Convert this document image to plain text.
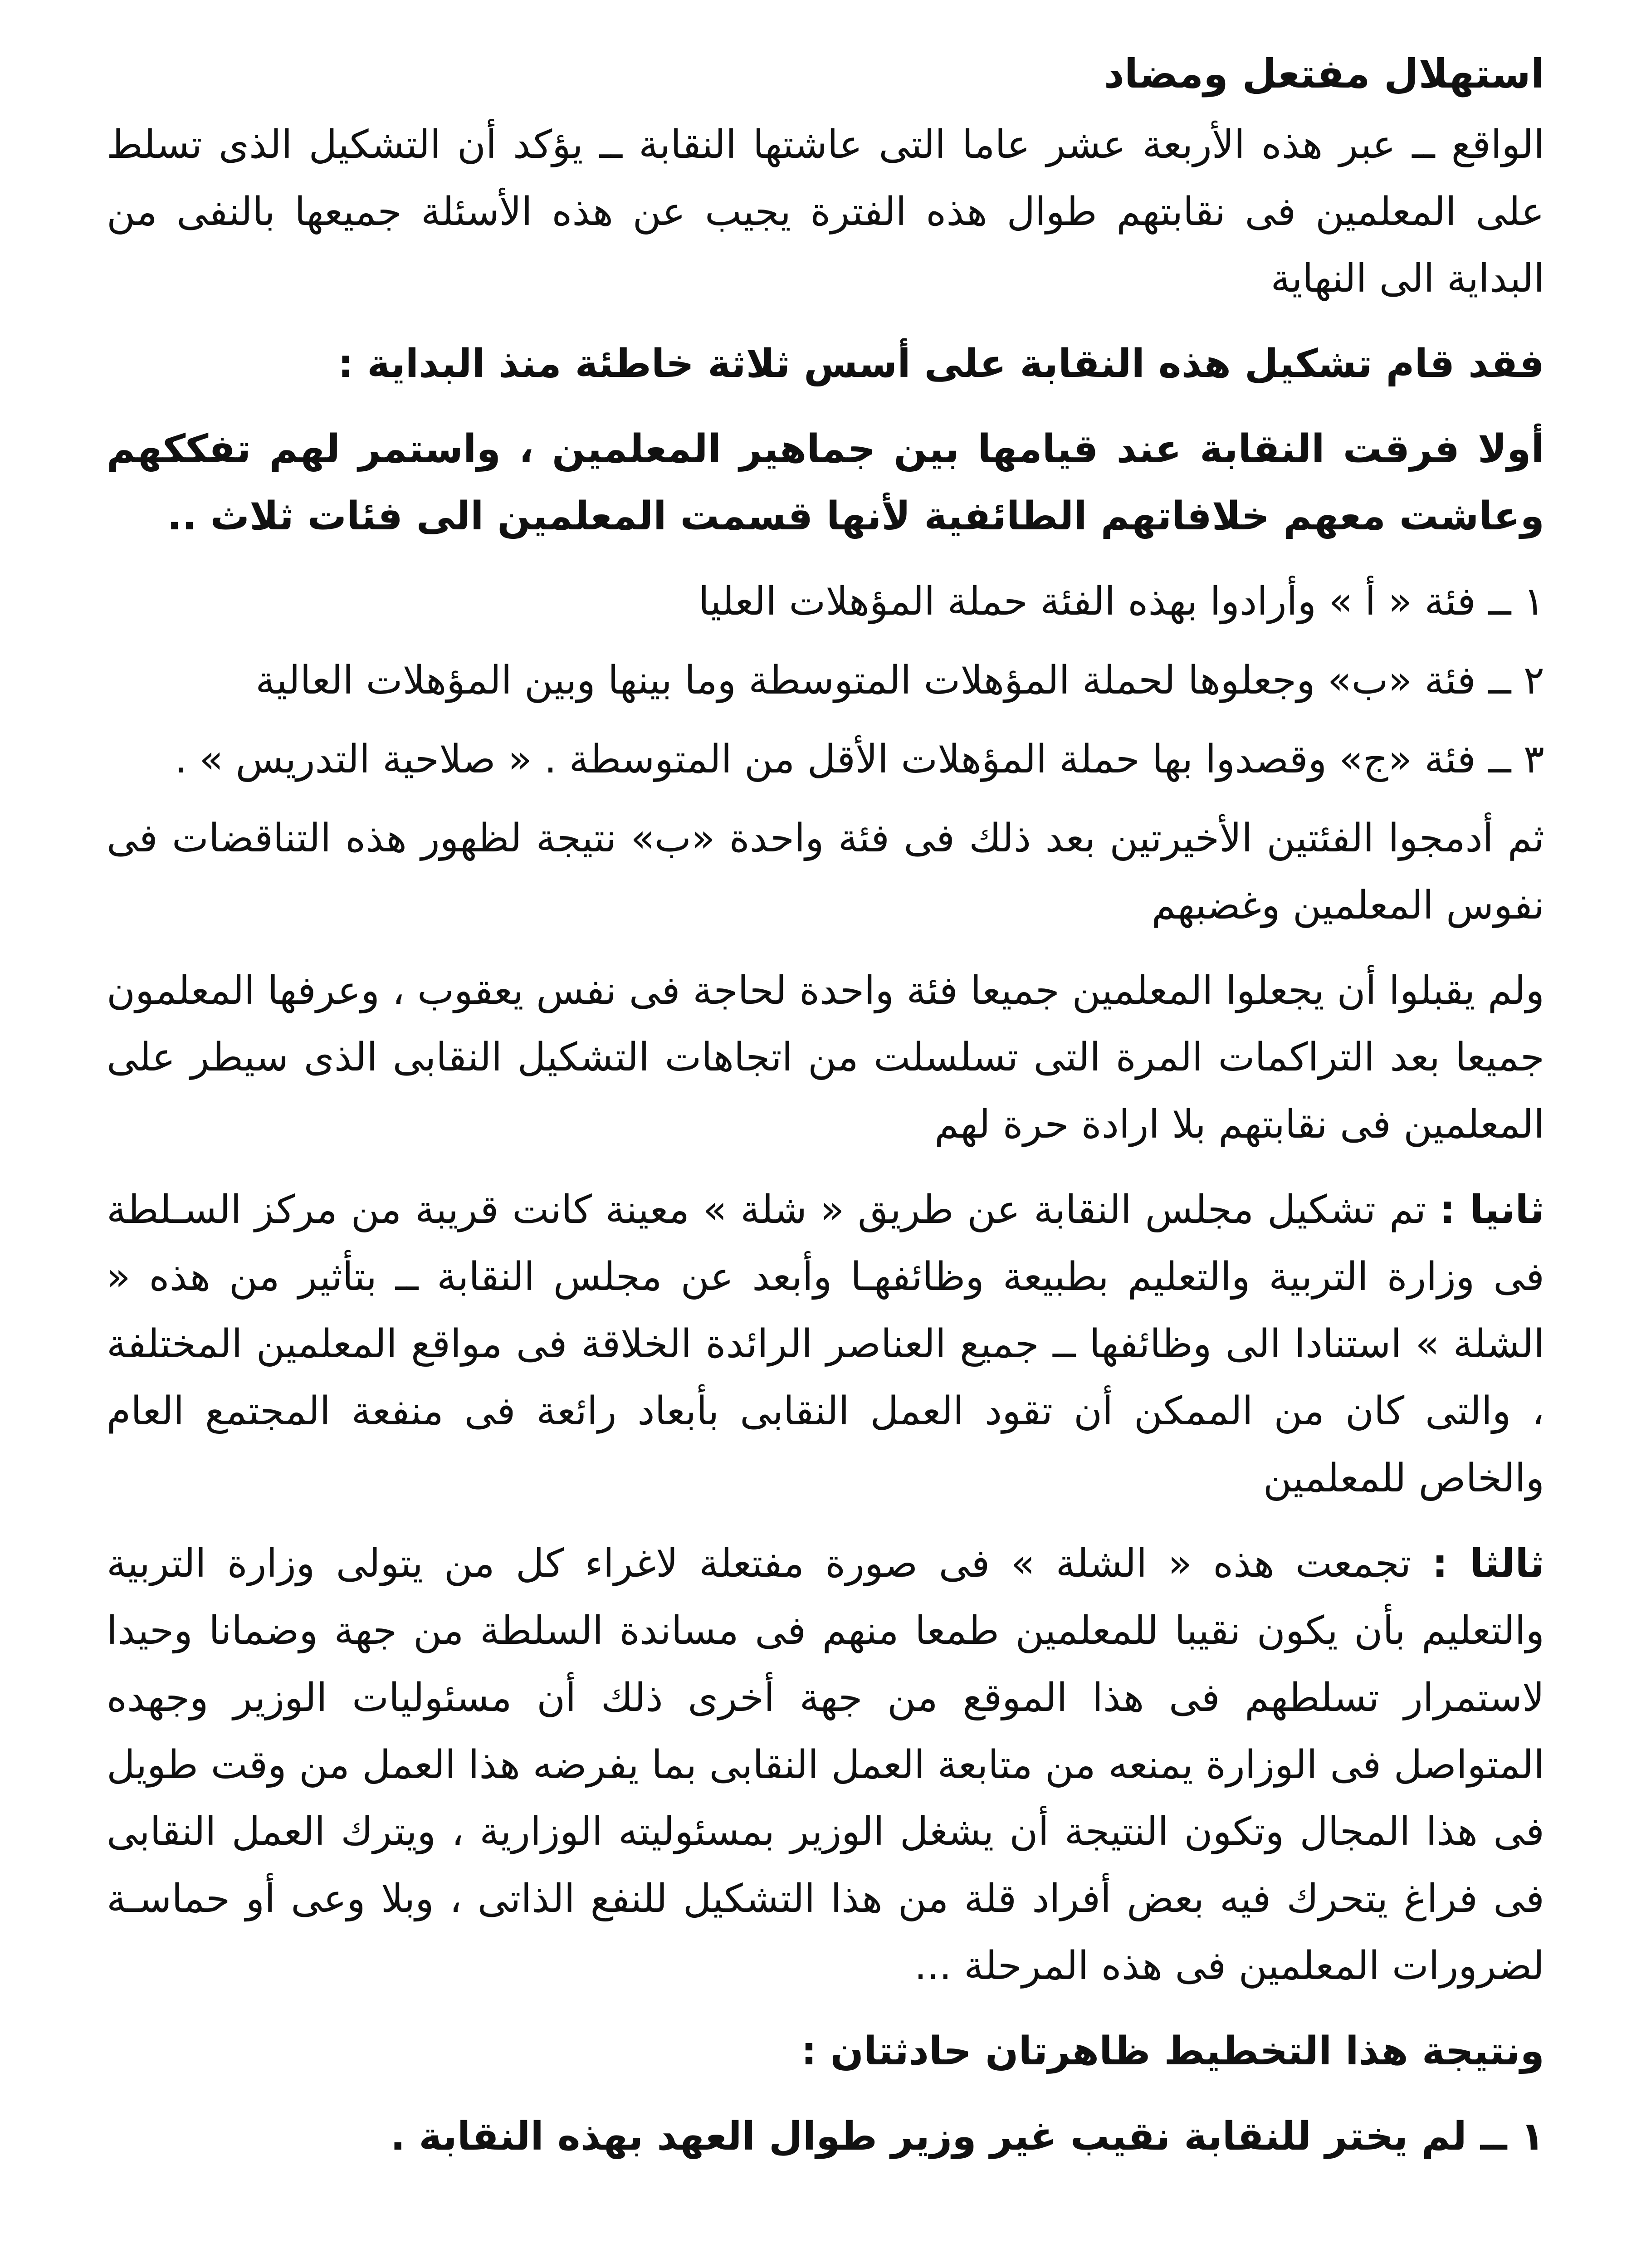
استهلال مفتعل ومضاد
الواقع ــ عبر هذه الأربعة عشر عاما التى عاشتها النقابة ــ يؤكد أن التشكيل الذى تسلط على المعلمين فى نقابتهم طوال هذه الفترة يجيب عن هذه الأسئلة جميعها بالنفى من البداية الى النهاية
فقد قام تشكيل هذه النقابة على أسس ثلاثة خاطئة منذ البداية :
أولا فرقت النقابة عند قيامها بين جماهير المعلمين ، واستمر لهم تفككهم وعاشت معهم خلافاتهم الطائفية لأنها قسمت المعلمين الى فئات ثلاث ..
١ ــ فئة « أ » وأرادوا بهذه الفئة حملة المؤهلات العليا
٢ ــ فئة «ب» وجعلوها لحملة المؤهلات المتوسطة وما بينها وبين المؤهلات العالية
٣ ــ فئة «ج» وقصدوا بها حملة المؤهلات الأقل من المتوسطة . « صلاحية التدريس » .
ثم أدمجوا الفئتين الأخيرتين بعد ذلك فى فئة واحدة «ب» نتيجة لظهور هذه التناقضات فى نفوس المعلمين وغضبهم
ولم يقبلوا أن يجعلوا المعلمين جميعا فئة واحدة لحاجة فى نفس يعقوب ، وعرفها المعلمون جميعا بعد التراكمات المرة التى تسلسلت من اتجاهات التشكيل النقابى الذى سيطر على المعلمين فى نقابتهم بلا ارادة حرة لهم
ثانيا : تم تشكيل مجلس النقابة عن طريق « شلة » معينة كانت قريبة من مركز السـلطة فى وزارة التربية والتعليم بطبيعة وظائفهـا وأبعد عن مجلس النقابة ــ بتأثير من هذه « الشلة » استنادا الى وظائفها ــ جميع العناصر الرائدة الخلاقة فى مواقع المعلمين المختلفة ، والتى كان من الممكن أن تقود العمل النقابى بأبعاد رائعة فى منفعة المجتمع العام والخاص للمعلمين
ثالثا : تجمعت هذه « الشلة » فى صورة مفتعلة لاغراء كل من يتولى وزارة التربية والتعليم بأن يكون نقيبا للمعلمين طمعا منهم فى مساندة السلطة من جهة وضمانا وحيدا لاستمرار تسلطهم فى هذا الموقع من جهة أخرى ذلك أن مسئوليات الوزير وجهده المتواصل فى الوزارة يمنعه من متابعة العمل النقابى بما يفرضه هذا العمل من وقت طويل فى هذا المجال وتكون النتيجة أن يشغل الوزير بمسئوليته الوزارية ، ويترك العمل النقابى فى فراغ يتحرك فيه بعض أفراد قلة من هذا التشكيل للنفع الذاتى ، وبلا وعى أو حماسـة لضرورات المعلمين فى هذه المرحلة ...
ونتيجة هذا التخطيط ظاهرتان حادثتان :
١ ــ لم يختر للنقابة نقيب غير وزير طوال العهد بهذه النقابة .
